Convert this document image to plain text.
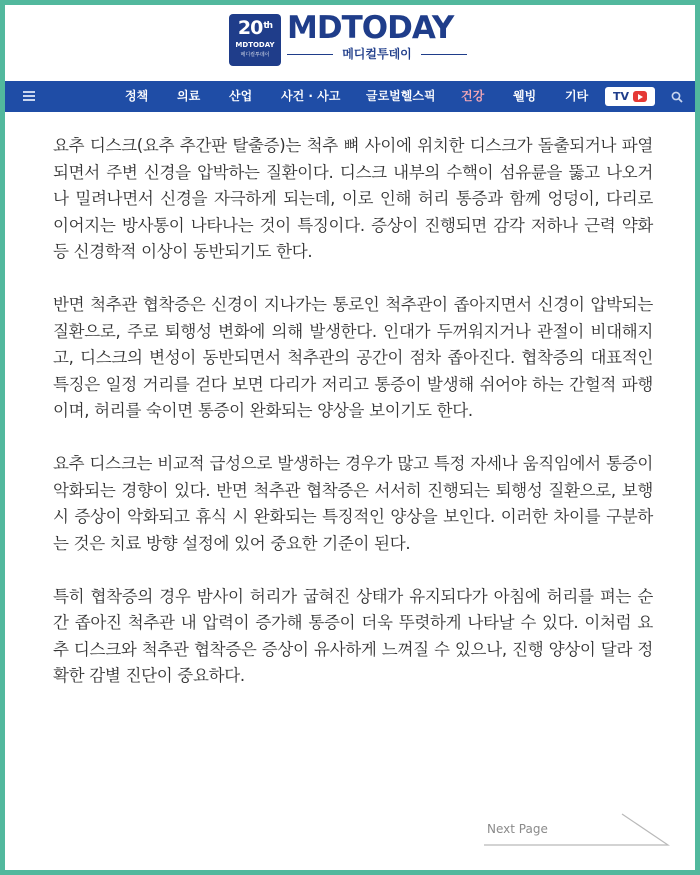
20th
MDTODAY
메디컬투데이
MDTODAY
메디컬투데이
정책 의료 산업 사건 · 사고 글로벌헬스픽 건강 웰빙 기타 TV

요추 디스크(요추 추간판 탈출증)는 척추 뼈 사이에 위치한 디스크가 돌출되거나 파열되면서 주변 신경을 압박하는 질환이다. 디스크 내부의 수핵이 섬유륜을 뚫고 나오거나 밀려나면서 신경을 자극하게 되는데, 이로 인해 허리 통증과 함께 엉덩이, 다리로 이어지는 방사통이 나타나는 것이 특징이다. 증상이 진행되면 감각 저하나 근력 약화 등 신경학적 이상이 동반되기도 한다.

반면 척추관 협착증은 신경이 지나가는 통로인 척추관이 좁아지면서 신경이 압박되는 질환으로, 주로 퇴행성 변화에 의해 발생한다. 인대가 두꺼워지거나 관절이 비대해지고, 디스크의 변성이 동반되면서 척추관의 공간이 점차 좁아진다. 협착증의 대표적인 특징은 일정 거리를 걷다 보면 다리가 저리고 통증이 발생해 쉬어야 하는 간헐적 파행이며, 허리를 숙이면 통증이 완화되는 양상을 보이기도 한다.

요추 디스크는 비교적 급성으로 발생하는 경우가 많고 특정 자세나 움직임에서 통증이 악화되는 경향이 있다. 반면 척추관 협착증은 서서히 진행되는 퇴행성 질환으로, 보행 시 증상이 악화되고 휴식 시 완화되는 특징적인 양상을 보인다. 이러한 차이를 구분하는 것은 치료 방향 설정에 있어 중요한 기준이 된다.

특히 협착증의 경우 밤사이 허리가 굽혀진 상태가 유지되다가 아침에 허리를 펴는 순간 좁아진 척추관 내 압력이 증가해 통증이 더욱 뚜렷하게 나타날 수 있다. 이처럼 요추 디스크와 척추관 협착증은 증상이 유사하게 느껴질 수 있으나, 진행 양상이 달라 정확한 감별 진단이 중요하다.

Next Page
